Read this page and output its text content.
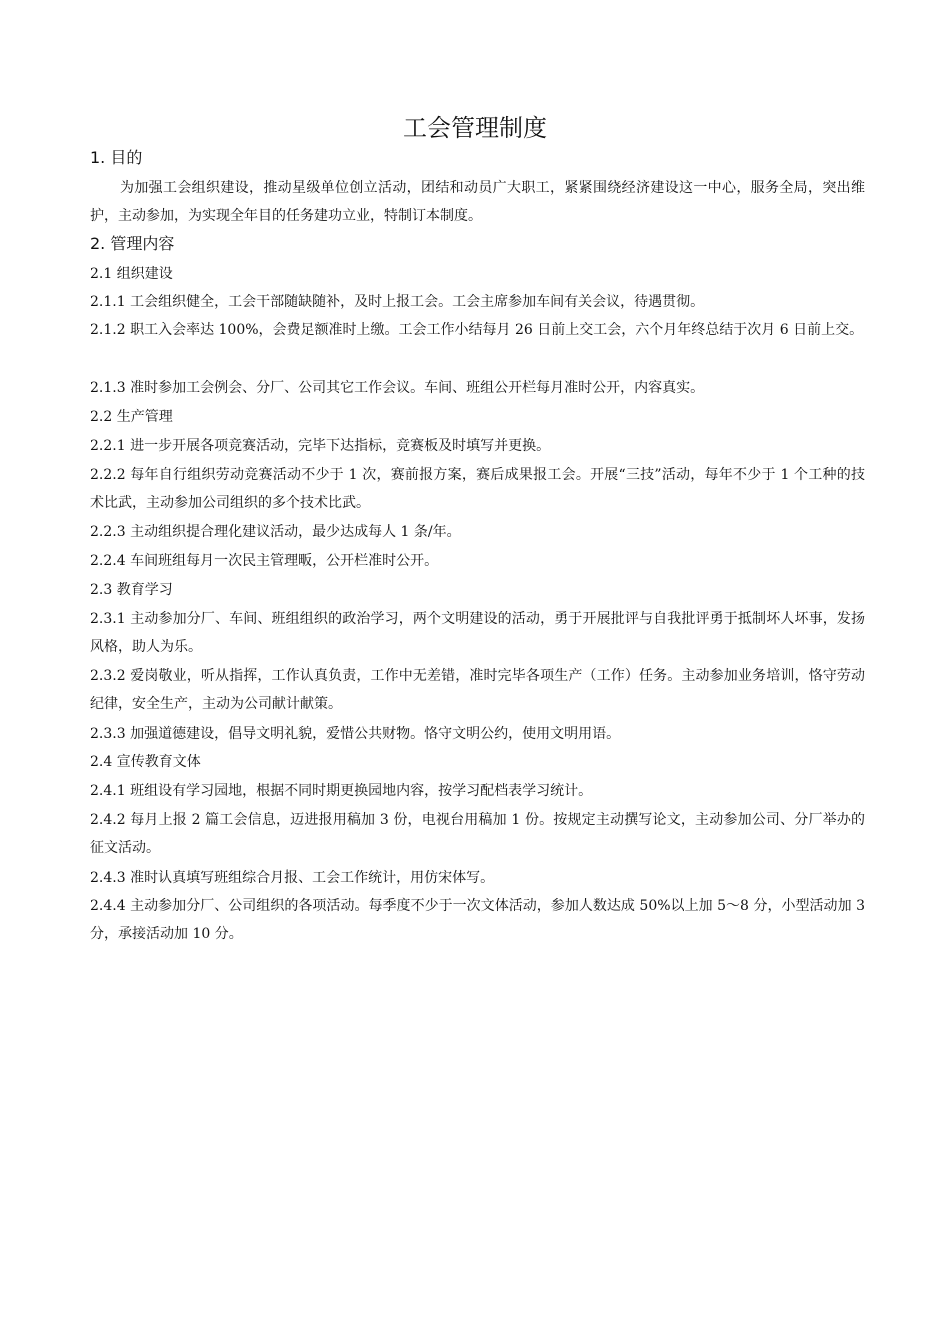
工会管理制度
1. 目的

为加强工会组织建设，推动星级单位创立活动，团结和动员广大职工，紧紧围绕经济建设这一中心，服务全局，突出维护，主动参加，为实现全年目的任务建功立业，特制订本制度。

2. 管理内容

2.1 组织建设

2.1.1 工会组织健全，工会干部随缺随补，及时上报工会。工会主席参加车间有关会议，待遇贯彻。

2.1.2 职工入会率达 100%，会费足额准时上缴。工会工作小结每月 26 日前上交工会，六个月年终总结于次月 6 日前上交。

2.1.3 准时参加工会例会、分厂、公司其它工作会议。车间、班组公开栏每月准时公开，内容真实。

2.2 生产管理

2.2.1 进一步开展各项竞赛活动，完毕下达指标，竞赛板及时填写并更换。

2.2.2 每年自行组织劳动竞赛活动不少于 1 次，赛前报方案，赛后成果报工会。开展“三技”活动，每年不少于 1 个工种的技术比武，主动参加公司组织的多个技术比武。

2.2.3 主动组织提合理化建议活动，最少达成每人 1 条/年。

2.2.4 车间班组每月一次民主管理畈，公开栏准时公开。

2.3 教育学习

2.3.1 主动参加分厂、车间、班组组织的政治学习，两个文明建设的活动，勇于开展批评与自我批评勇于抵制坏人坏事，发扬风格，助人为乐。

2.3.2 爱岗敬业，听从指挥，工作认真负责，工作中无差错，准时完毕各项生产（工作）任务。主动参加业务培训，恪守劳动纪律，安全生产，主动为公司献计献策。

2.3.3 加强道德建设，倡导文明礼貌，爱惜公共财物。恪守文明公约，使用文明用语。

2.4 宣传教育文体

2.4.1 班组设有学习园地，根据不同时期更换园地内容，按学习配档表学习统计。

2.4.2 每月上报 2 篇工会信息，迈进报用稿加 3 份，电视台用稿加 1 份。按规定主动撰写论文，主动参加公司、分厂举办的征文活动。

2.4.3 准时认真填写班组综合月报、工会工作统计，用仿宋体写。

2.4.4 主动参加分厂、公司组织的各项活动。每季度不少于一次文体活动，参加人数达成 50%以上加 5～8 分，小型活动加 3 分，承接活动加 10 分。
